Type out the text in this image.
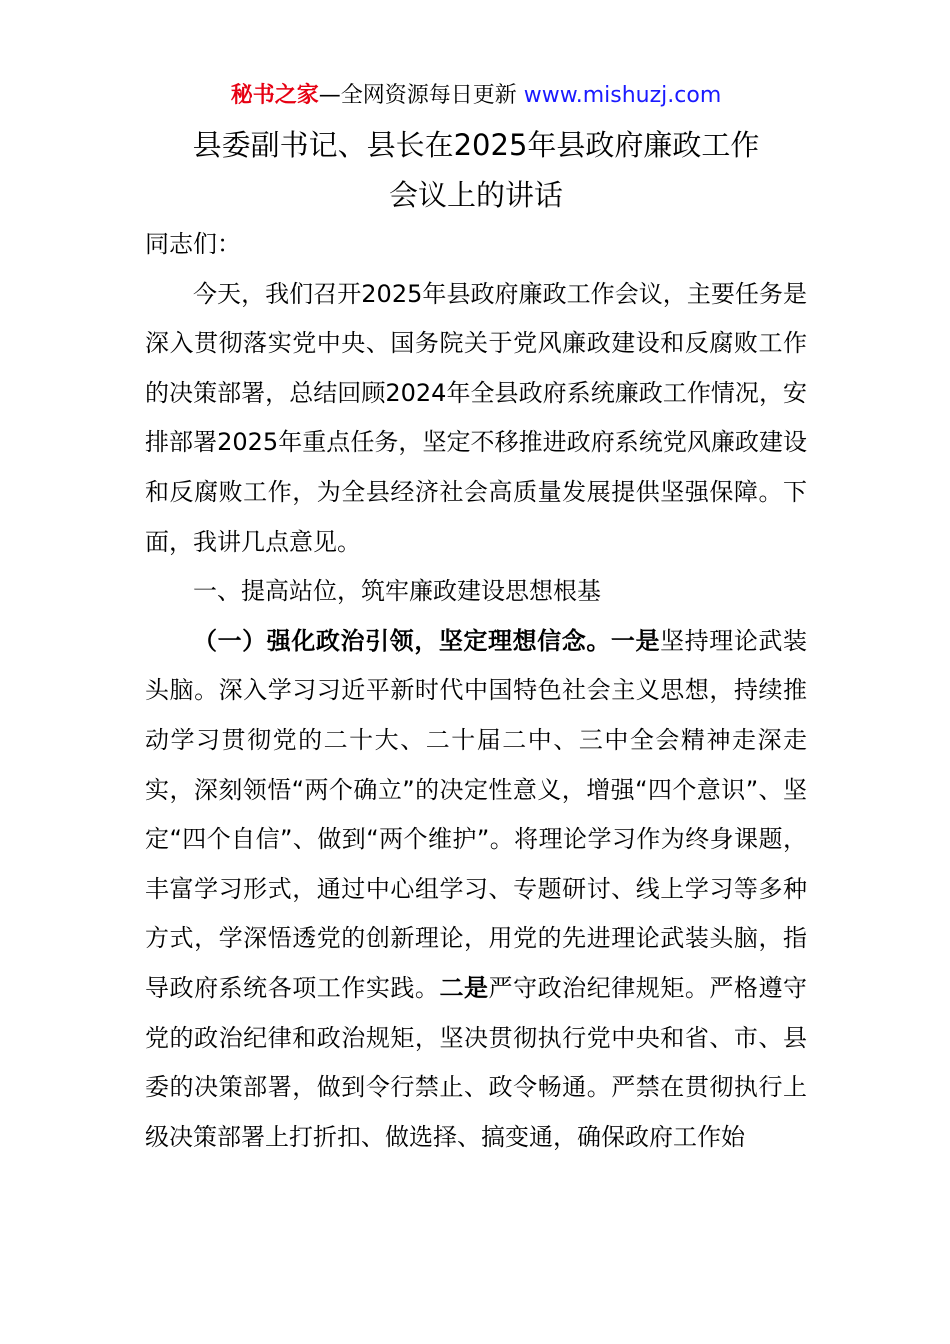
秘书之家—全网资源每日更新 www.mishuzj.com
县委副书记、县长在2025年县政府廉政工作
会议上的讲话

同志们：

今天，我们召开2025年县政府廉政工作会议，主要任务是深入贯彻落实党中央、国务院关于党风廉政建设和反腐败工作的决策部署，总结回顾2024年全县政府系统廉政工作情况，安排部署2025年重点任务，坚定不移推进政府系统党风廉政建设和反腐败工作，为全县经济社会高质量发展提供坚强保障。下面，我讲几点意见。

一、提高站位，筑牢廉政建设思想根基

（一）强化政治引领，坚定理想信念。一是坚持理论武装头脑。深入学习习近平新时代中国特色社会主义思想，持续推动学习贯彻党的二十大、二十届二中、三中全会精神走深走实，深刻领悟“两个确立”的决定性意义，增强“四个意识”、坚定“四个自信”、做到“两个维护”。将理论学习作为终身课题，丰富学习形式，通过中心组学习、专题研讨、线上学习等多种方式，学深悟透党的创新理论，用党的先进理论武装头脑，指导政府系统各项工作实践。二是严守政治纪律规矩。严格遵守党的政治纪律和政治规矩，坚决贯彻执行党中央和省、市、县委的决策部署，做到令行禁止、政令畅通。严禁在贯彻执行上级决策部署上打折扣、做选择、搞变通，确保政府工作始
